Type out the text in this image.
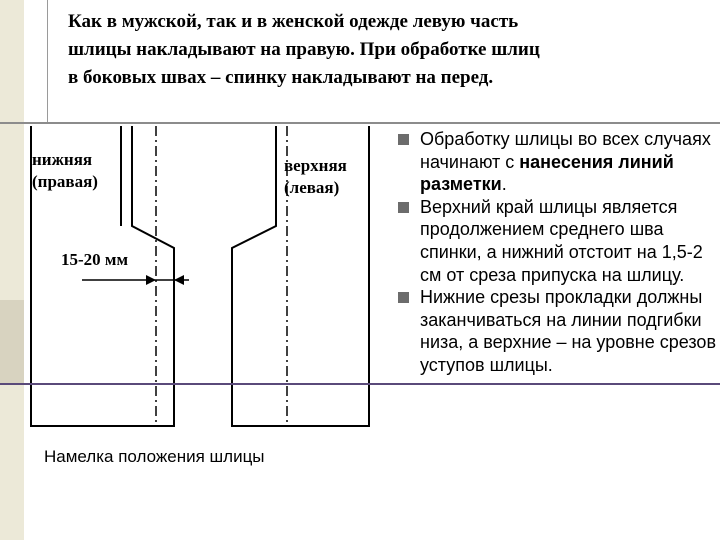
Как в мужской, так и в женской одежде левую часть
шлицы накладывают на правую. При обработке шлиц
в боковых швах – спинку накладывают на перед.
нижняя
(правая)
верхняя
(левая)
15-20 мм
Намелка положения шлицы
Обработку шлицы во всех случаях начинают с нанесения линий разметки.
Верхний край шлицы является продолжением среднего шва спинки, а нижний отстоит на 1,5-2 см от среза припуска на шлицу.
Нижние срезы прокладки должны заканчиваться на линии подгибки низа, а верхние – на уровне срезов уступов шлицы.
